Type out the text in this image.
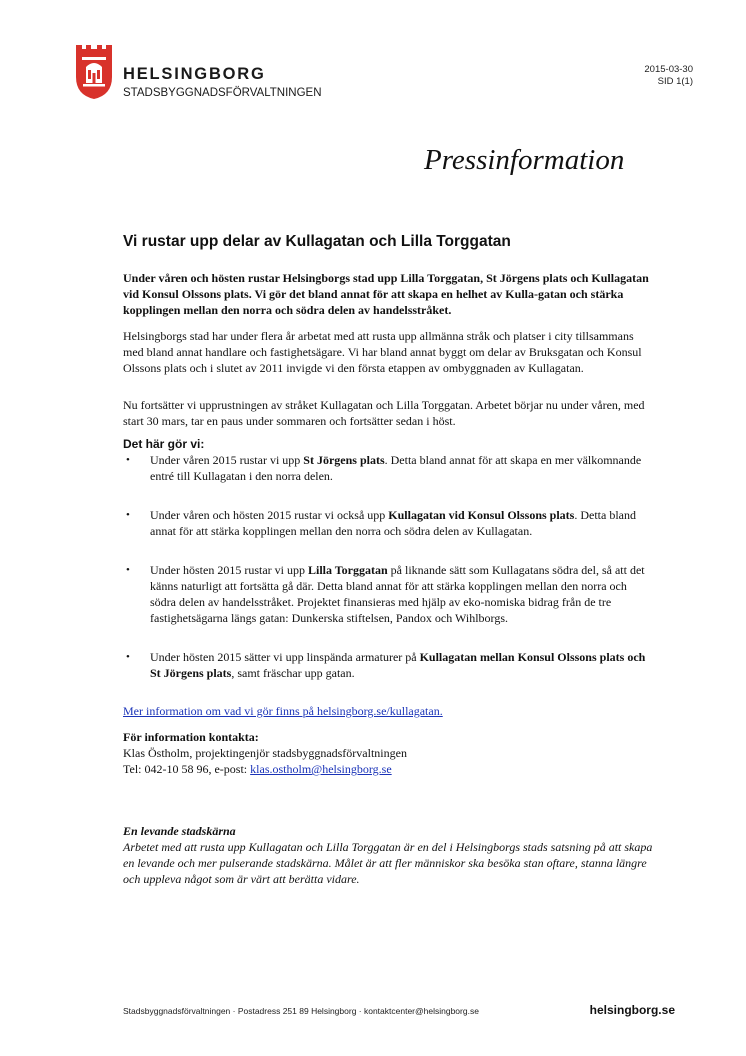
HELSINGBORG
STADSBYGGNADSFÖRVALTNINGEN
2015-03-30
SID 1(1)
Pressinformation
Vi rustar upp delar av Kullagatan och Lilla Torggatan

Under våren och hösten rustar Helsingborgs stad upp Lilla Torggatan, St Jörgens plats och Kullagatan vid Konsul Olssons plats. Vi gör det bland annat för att skapa en helhet av Kulla-gatan och stärka kopplingen mellan den norra och södra delen av handelsstråket.

Helsingborgs stad har under flera år arbetat med att rusta upp allmänna stråk och platser i city tillsammans med bland annat handlare och fastighetsägare. Vi har bland annat byggt om delar av Bruksgatan och Konsul Olssons plats och i slutet av 2011 invigde vi den första etappen av ombyggnaden av Kullagatan.

Nu fortsätter vi upprustningen av stråket Kullagatan och Lilla Torggatan. Arbetet börjar nu under våren, med start 30 mars, tar en paus under sommaren och fortsätter sedan i höst.

Det här gör vi:

• Under våren 2015 rustar vi upp St Jörgens plats. Detta bland annat för att skapa en mer välkomnande entré till Kullagatan i den norra delen.
• Under våren och hösten 2015 rustar vi också upp Kullagatan vid Konsul Olssons plats. Detta bland annat för att stärka kopplingen mellan den norra och södra delen av Kullagatan.
• Under hösten 2015 rustar vi upp Lilla Torggatan på liknande sätt som Kullagatans södra del, så att det känns naturligt att fortsätta gå där. Detta bland annat för att stärka kopplingen mellan den norra och södra delen av handelsstråket. Projektet finansieras med hjälp av eko-nomiska bidrag från de tre fastighetsägarna längs gatan: Dunkerska stiftelsen, Pandox och Wihlborgs.
• Under hösten 2015 sätter vi upp linspända armaturer på Kullagatan mellan Konsul Olssons plats och St Jörgens plats, samt fräschar upp gatan.

Mer information om vad vi gör finns på helsingborg.se/kullagatan.

För information kontakta:
Klas Östholm, projektingenjör stadsbyggnadsförvaltningen
Tel: 042-10 58 96, e-post: klas.ostholm@helsingborg.se

En levande stadskärna
Arbetet med att rusta upp Kullagatan och Lilla Torggatan är en del i Helsingborgs stads satsning på att skapa en levande och mer pulserande stadskärna. Målet är att fler människor ska besöka stan oftare, stanna längre och uppleva något som är värt att berätta vidare.

Stadsbyggnadsförvaltningen · Postadress 251 89 Helsingborg · kontaktcenter@helsingborg.se	helsingborg.se
